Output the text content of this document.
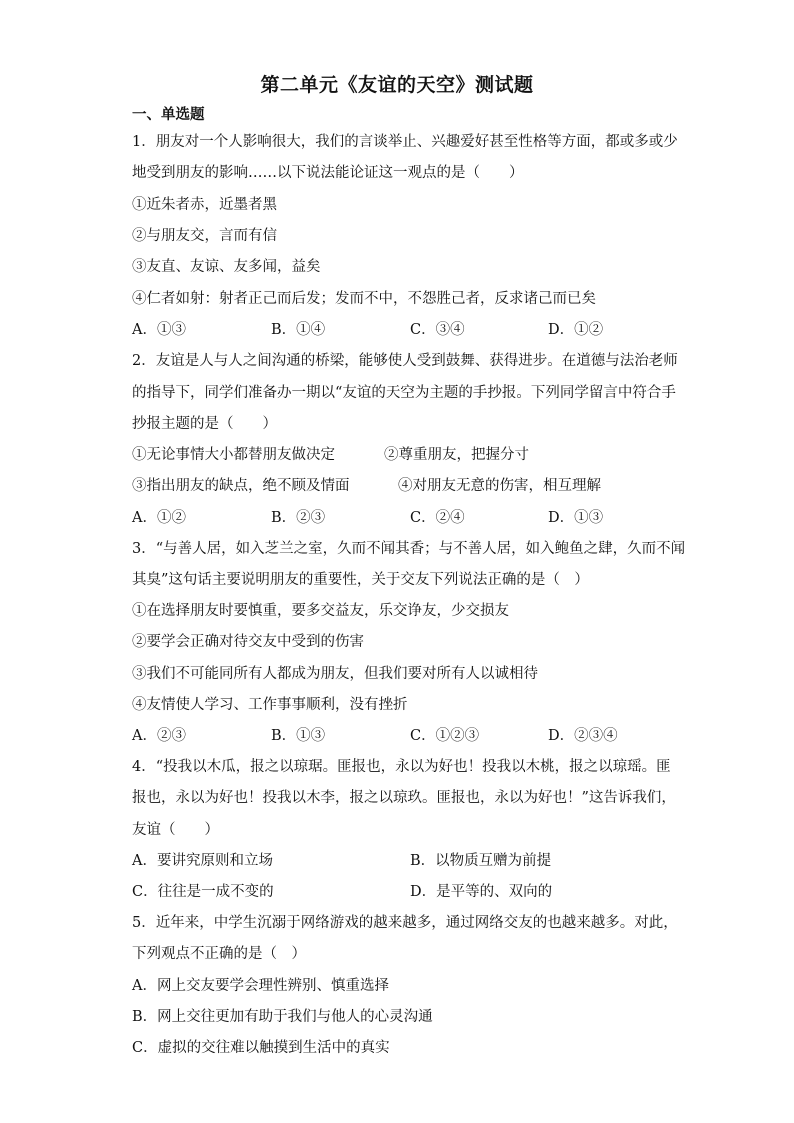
第二单元《友谊的天空》测试题
一、单选题
1．朋友对一个人影响很大，我们的言谈举止、兴趣爱好甚至性格等方面，都或多或少
地受到朋友的影响……以下说法能论证这一观点的是（　　）
①近朱者赤，近墨者黑
②与朋友交，言而有信
③友直、友谅、友多闻，益矣
④仁者如射：射者正己而后发；发而不中，不怨胜己者，反求诸己而已矣
A．①③	B．①④	C．③④	D．①②
2．友谊是人与人之间沟通的桥梁，能够使人受到鼓舞、获得进步。在道德与法治老师
的指导下，同学们准备办一期以“友谊的天空为主题的手抄报。下列同学留言中符合手
抄报主题的是（　　）
①无论事情大小都替朋友做决定	②尊重朋友，把握分寸
③指出朋友的缺点，绝不顾及情面	④对朋友无意的伤害，相互理解
A．①②	B．②③	C．②④	D．①③
3．“与善人居，如入芝兰之室，久而不闻其香；与不善人居，如入鲍鱼之肆，久而不闻
其臭”这句话主要说明朋友的重要性，关于交友下列说法正确的是（　）
①在选择朋友时要慎重，要多交益友，乐交诤友，少交损友
②要学会正确对待交友中受到的伤害
③我们不可能同所有人都成为朋友，但我们要对所有人以诚相待
④友情使人学习、工作事事顺利，没有挫折
A．②③	B．①③	C．①②③	D．②③④
4．“投我以木瓜，报之以琼琚。匪报也，永以为好也！投我以木桃，报之以琼瑶。匪
报也，永以为好也！投我以木李，报之以琼玖。匪报也，永以为好也！”这告诉我们，
友谊（　　）
A．要讲究原则和立场	B．以物质互赠为前提
C．往往是一成不变的	D．是平等的、双向的
5．近年来，中学生沉溺于网络游戏的越来越多，通过网络交友的也越来越多。对此，
下列观点不正确的是（　）
A．网上交友要学会理性辨别、慎重选择
B．网上交往更加有助于我们与他人的心灵沟通
C．虚拟的交往难以触摸到生活中的真实
